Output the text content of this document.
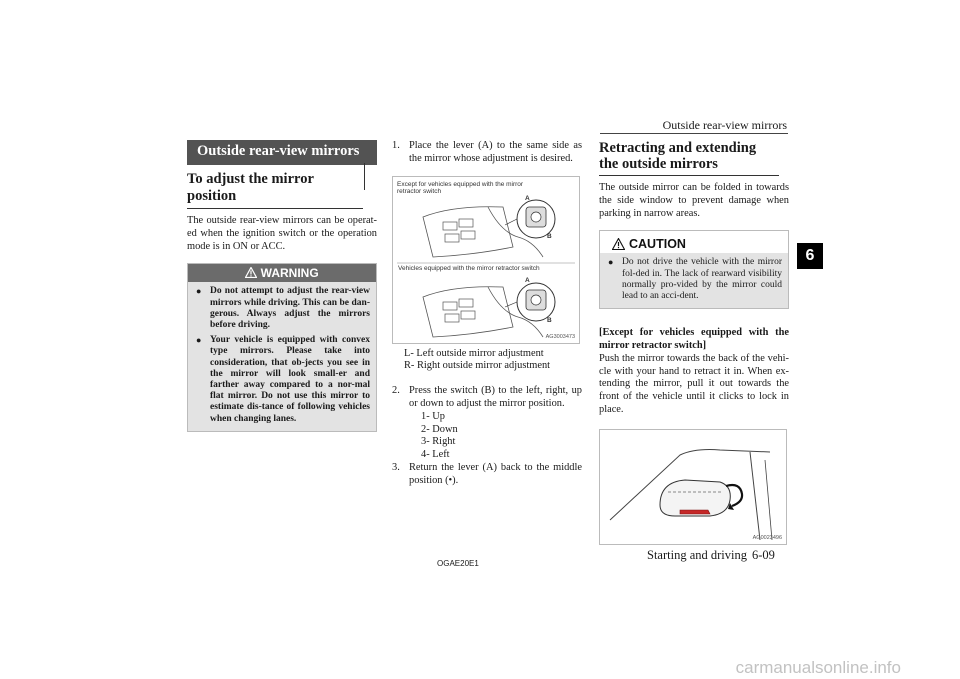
Outside rear-view mirrors
6
Outside rear-view mirrors
To adjust the mirror position

The outside rear-view mirrors can be operat-ed when the ignition switch or the operation mode is in ON or ACC.

WARNING
● Do not attempt to adjust the rear-view mirrors while driving. This can be dan-gerous. Always adjust the mirrors before driving.
● Your vehicle is equipped with convex type mirrors. Please take into consideration, that ob-jects you see in the mirror will look small-er and farther away compared to a nor-mal flat mirror. Do not use this mirror to estimate dis-tance of following vehicles when changing lanes.
1. Place the lever (A) to the same side as the mirror whose adjustment is desired.
Except for vehicles equipped with the mirror retractor switch
Vehicles equipped with the mirror retractor switch
A
B
A
B
AG3003473
L- Left outside mirror adjustment
R- Right outside mirror adjustment
2. Press the switch (B) to the left, right, up or down to adjust the mirror position.
1- Up
2- Down
3- Right
4- Left
3. Return the lever (A) back to the middle position (•).
Retracting and extending the outside mirrors

The outside mirror can be folded in towards the side window to prevent damage when parking in narrow areas.

CAUTION
● Do not drive the vehicle with the mirror fol-ded in. The lack of rearward visibility normally pro-vided by the mirror could lead to an acci-dent.
[Except for vehicles equipped with the mirror retractor switch]

Push the mirror towards the back of the vehi-cle with your hand to retract it in. When ex-tending the mirror, pull it out towards the front of the vehicle until it clicks to lock in place.

AG0023496
OGAE20E1
Starting and driving 6-09
carmanualsonline.info
